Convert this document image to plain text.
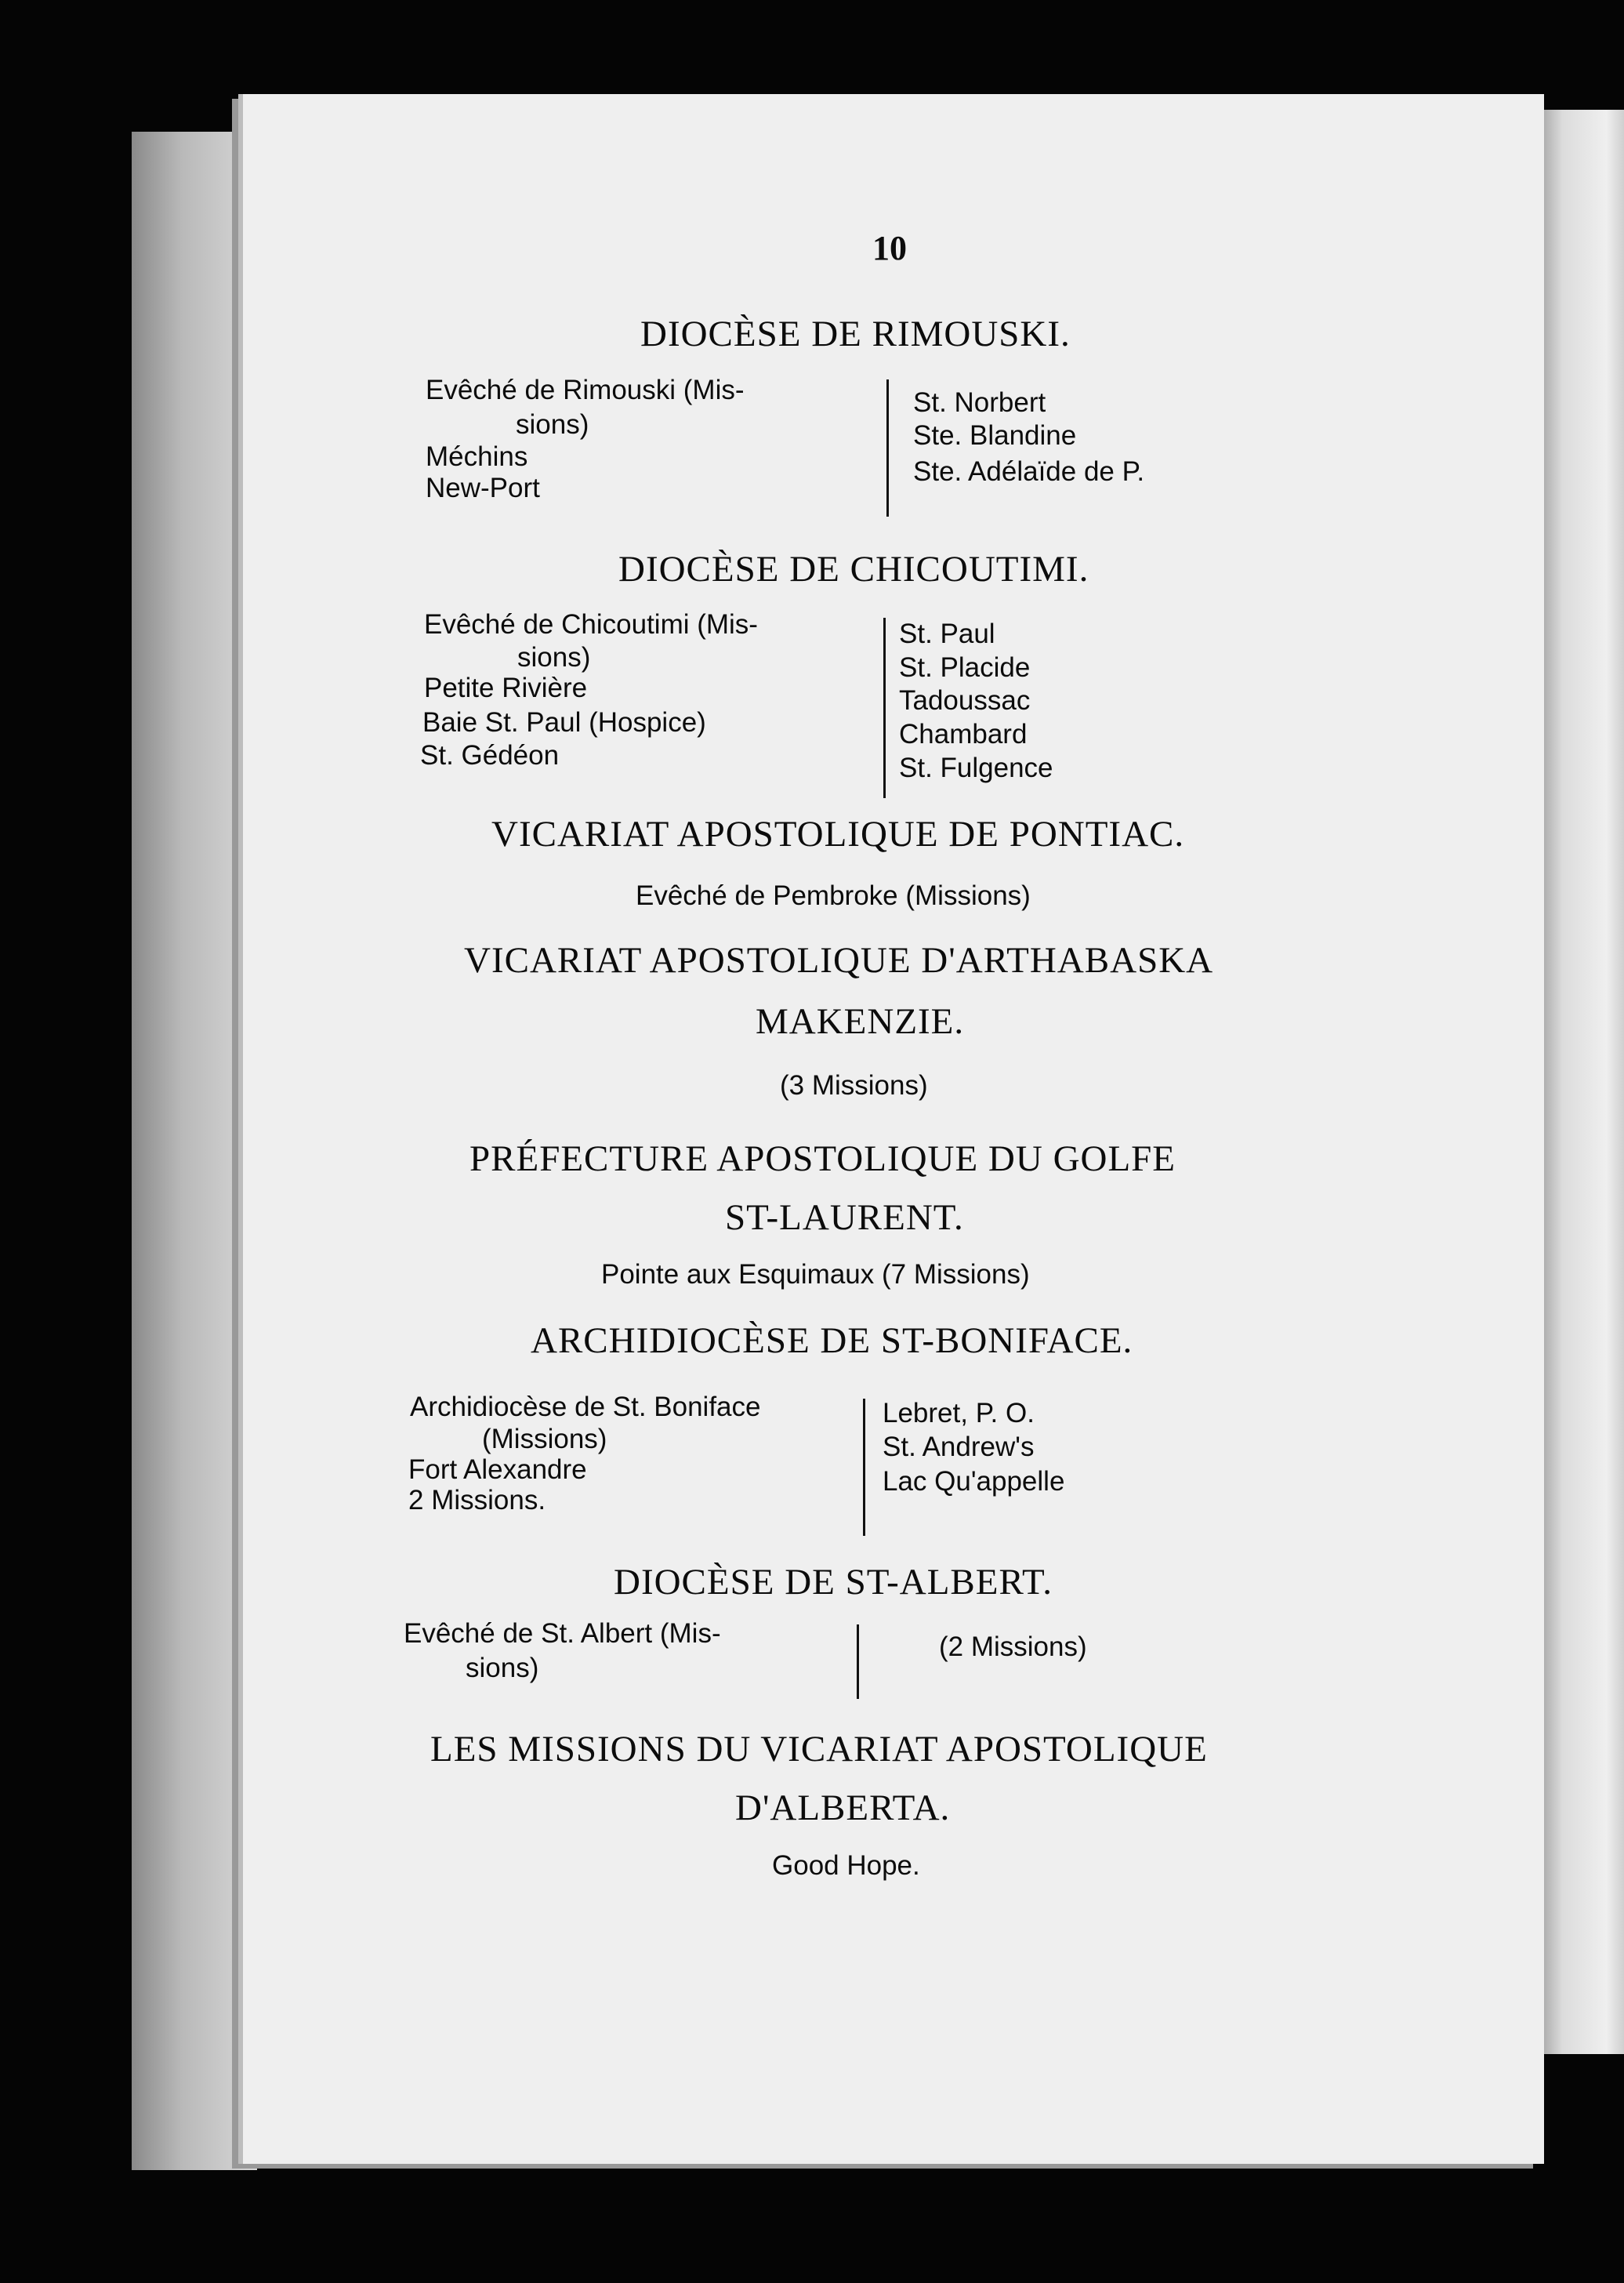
10
DIOCÈSE DE RIMOUSKI.
Evêché de Rimouski (Mis-
sions)
Méchins
New-Port
St. Norbert
Ste. Blandine
Ste. Adélaïde de P.
DIOCÈSE DE CHICOUTIMI.
Evêché de Chicoutimi (Mis-
sions)
Petite Rivière
Baie St. Paul (Hospice)
St. Gédéon
St. Paul
St. Placide
Tadoussac
Chambard
St. Fulgence
VICARIAT APOSTOLIQUE DE PONTIAC.
Evêché de Pembroke (Missions)
VICARIAT APOSTOLIQUE D'ARTHABASKA
MAKENZIE.
(3 Missions)
PRÉFECTURE APOSTOLIQUE DU GOLFE
ST-LAURENT.
Pointe aux Esquimaux (7 Missions)
ARCHIDIOCÈSE DE ST-BONIFACE.
Archidiocèse de St. Boniface
(Missions)
Fort Alexandre
2 Missions.
Lebret, P. O.
St. Andrew's
Lac Qu'appelle
DIOCÈSE DE ST-ALBERT.
Evêché de St. Albert (Mis-
sions)
(2 Missions)
LES MISSIONS DU VICARIAT APOSTOLIQUE
D'ALBERTA.
Good Hope.
